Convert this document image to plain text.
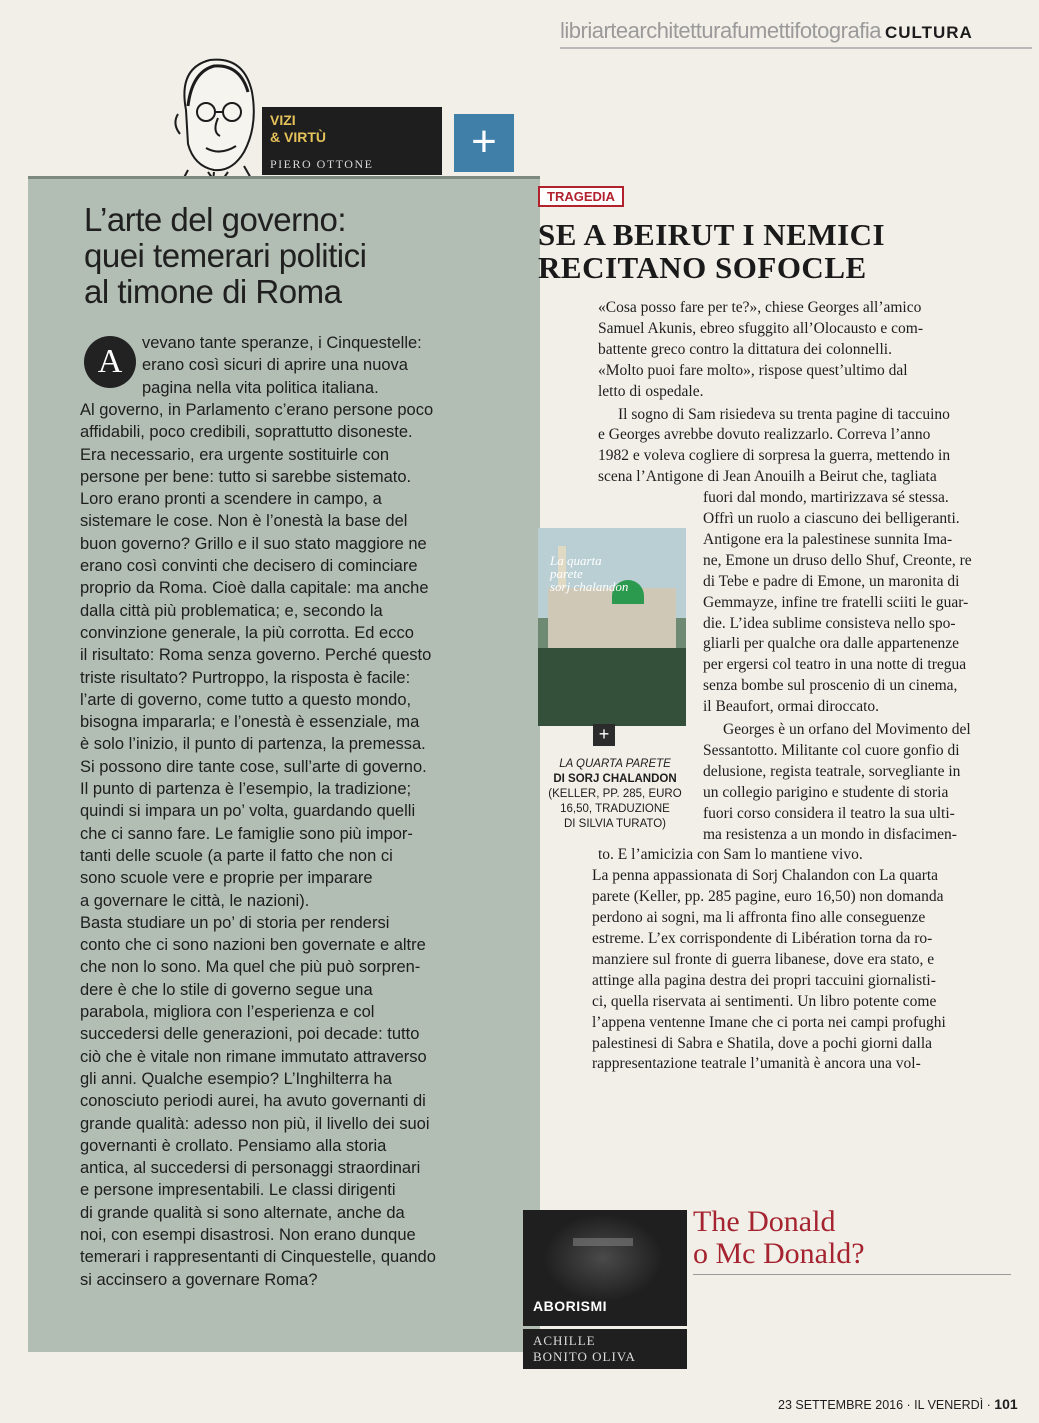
libriartearchitetturafumettifotografia CULTURA
VIZI
& VIRTÙ
PIERO OTTONE	+
L’arte del governo:
quei temerari politici
al timone di Roma
A	vevano tante speranze, i Cinquestelle:
erano così sicuri di aprire una nuova
pagina nella vita politica italiana.
Al governo, in Parlamento c’erano persone poco
affidabili, poco credibili, soprattutto disoneste.
Era necessario, era urgente sostituirle con
persone per bene: tutto si sarebbe sistemato.
Loro erano pronti a scendere in campo, a
sistemare le cose. Non è l’onestà la base del
buon governo? Grillo e il suo stato maggiore ne
erano così convinti che decisero di cominciare
proprio da Roma. Cioè dalla capitale: ma anche
dalla città più problematica; e, secondo la
convinzione generale, la più corrotta. Ed ecco
il risultato: Roma senza governo. Perché questo
triste risultato? Purtroppo, la risposta è facile:
l’arte di governo, come tutto a questo mondo,
bisogna impararla; e l’onestà è essenziale, ma
è solo l’inizio, il punto di partenza, la premessa.
Si possono dire tante cose, sull’arte di governo.
Il punto di partenza è l’esempio, la tradizione;
quindi si impara un po’ volta, guardando quelli
che ci sanno fare. Le famiglie sono più impor-
tanti delle scuole (a parte il fatto che non ci
sono scuole vere e proprie per imparare
a governare le città, le nazioni).
Basta studiare un po’ di storia per rendersi
conto che ci sono nazioni ben governate e altre
che non lo sono. Ma quel che più può sorpren-
dere è che lo stile di governo segue una
parabola, migliora con l’esperienza e col
succedersi delle generazioni, poi decade: tutto
ciò che è vitale non rimane immutato attraverso
gli anni. Qualche esempio? L’Inghilterra ha
conosciuto periodi aurei, ha avuto governanti di
grande qualità: adesso non più, il livello dei suoi
governanti è crollato. Pensiamo alla storia
antica, al succedersi di personaggi straordinari
e persone impresentabili. Le classi dirigenti
di grande qualità si sono alternate, anche da
noi, con esempi disastrosi. Non erano dunque
temerari i rappresentanti di Cinquestelle, quando
si accinsero a governare Roma?
TRAGEDIA
SE A BEIRUT I NEMICI
RECITANO SOFOCLE
«Cosa posso fare per te?», chiese Georges all’amico
Samuel Akunis, ebreo sfuggito all’Olocausto e com-
battente greco contro la dittatura dei colonnelli.
«Molto puoi fare molto», rispose quest’ultimo dal
letto di ospedale.
Il sogno di Sam risiedeva su trenta pagine di taccuino
e Georges avrebbe dovuto realizzarlo. Correva l’anno
1982 e voleva cogliere di sorpresa la guerra, mettendo in
scena l’Antigone di Jean Anouilh a Beirut che, tagliata
fuori dal mondo, martirizzava sé stessa.
Offrì un ruolo a ciascuno dei belligeranti.
Antigone era la palestinese sunnita Ima-
ne, Emone un druso dello Shuf, Creonte, re
di Tebe e padre di Emone, un maronita di
Gemmayze, infine tre fratelli sciiti le guar-
die. L’idea sublime consisteva nello spo-
gliarli per qualche ora dalle appartenenze
per ergersi col teatro in una notte di tregua
senza bombe sul proscenio di un cinema,
il Beaufort, ormai diroccato.
Georges è un orfano del Movimento del
Sessantotto. Militante col cuore gonfio di
delusione, regista teatrale, sorvegliante in
un collegio parigino e studente di storia
fuori corso considera il teatro la sua ulti-
ma resistenza a un mondo in disfacimen-
to. E l’amicizia con Sam lo mantiene vivo.
La penna appassionata di Sorj Chalandon con La quarta
parete (Keller, pp. 285 pagine, euro 16,50) non domanda
perdono ai sogni, ma li affronta fino alle conseguenze
estreme. L’ex corrispondente di Libération torna da ro-
manziere sul fronte di guerra libanese, dove era stato, e
attinge alla pagina destra dei propri taccuini giornalisti-
ci, quella riservata ai sentimenti. Un libro potente come
l’appena ventenne Imane che ci porta nei campi profughi
palestinesi di Sabra e Shatila, dove a pochi giorni dalla
rappresentazione teatrale l’umanità è ancora una vol-
La quarta
parete
sorj chalandon
+
LA QUARTA PARETE
DI SORJ CHALANDON
(KELLER, PP. 285, EURO
16,50, TRADUZIONE
DI SILVIA TURATO)
ABORISMI
ACHILLE
BONITO OLIVA
The Donald
o Mc Donald?
23 SETTEMBRE 2016 · IL VENERDÌ · 101
